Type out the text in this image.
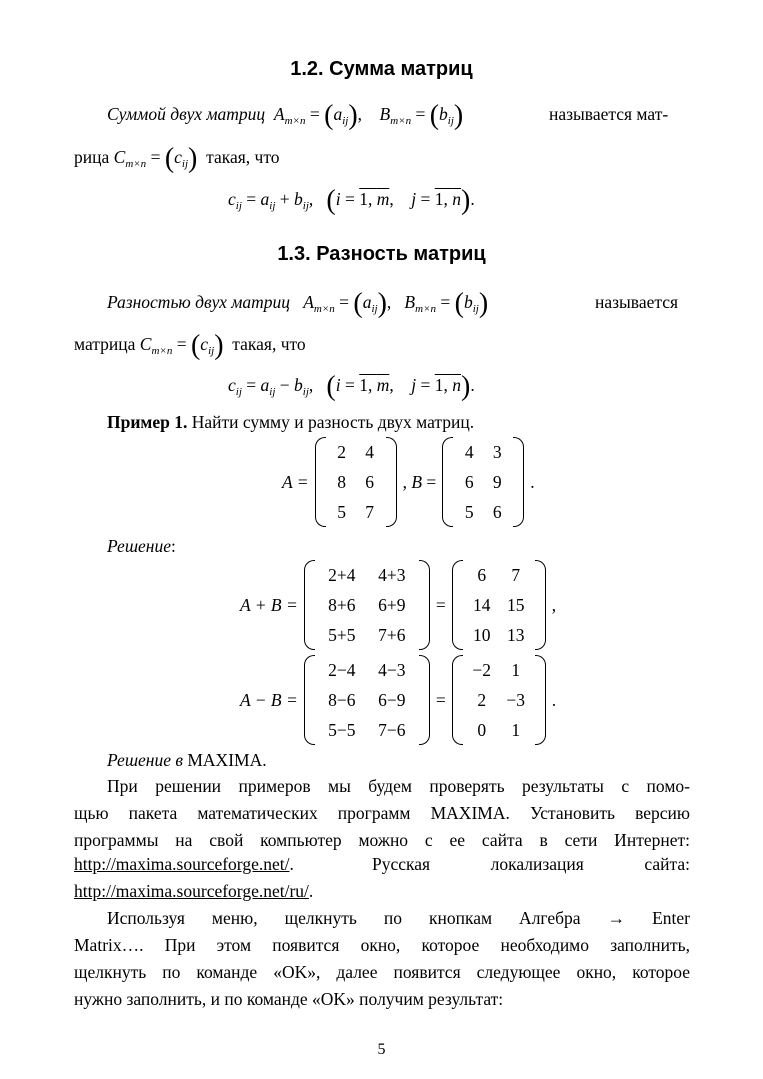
1.2. Сумма матриц
Суммой двух матриц $A_{m\times n} = (a_{ij})$,    $B_{m\times n} = (b_{ij})$	называется мат-
рица $C_{m\times n} = (c_{ij})$ такая, что
$c_{ij} = a_{ij} + b_{ij}$,   (i = 1, m,    j = 1, n).
1.3. Разность матриц
Разностью двух матриц $A_{m\times n} = (a_{ij})$,   $B_{m\times n} = (b_{ij})$	называется
матрица $C_{m\times n} = (c_{ij})$ такая, что
$c_{ij} = a_{ij} - b_{ij}$,   (i = 1, m,    j = 1, n).
Пример 1. Найти сумму и разность двух матриц.
A =
2	4
8	6
5	7
, B =
4	3
6	9
5	6
.
Решение:
A + B =
2+4	4+3
8+6	6+9
5+5	7+6
=
6	7
14 15
10 13
,
A − B =
2−4	4−3
8−6	6−9
5−5	7−6
=
−2	1
2	−3
0	1
.
Решение в MAXIMA.
При решении примеров мы будем проверять результаты с помо-
щью пакета математических программ MAXIMA. Установить версию
программы на свой компьютер можно с ее сайта в сети Интернет:
http://maxima.sourceforge.net/.	Русская	локализация	сайта:
http://maxima.sourceforge.net/ru/.
Используя меню, щелкнуть по кнопкам Алгебра → Enter
Matrix…. При этом появится окно, которое необходимо заполнить,
щелкнуть по команде «OK», далее появится следующее окно, которое
нужно заполнить, и по команде «OK» получим результат:
5
